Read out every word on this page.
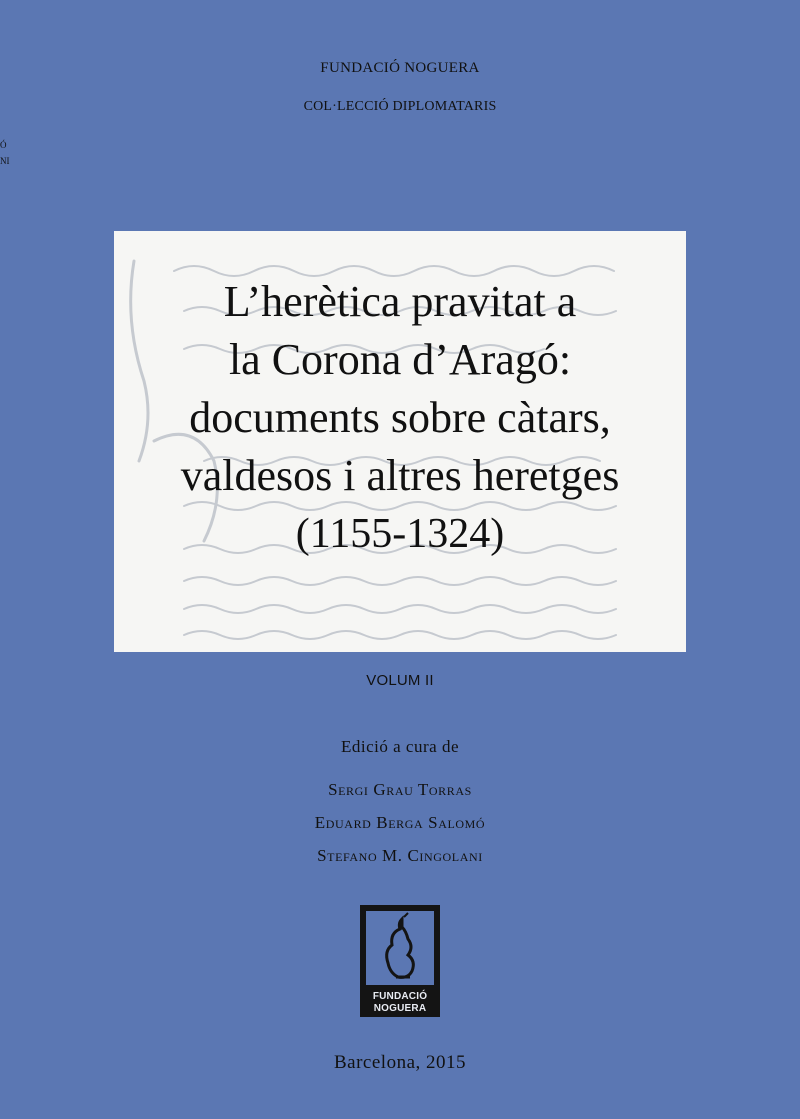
FUNDACIÓ NOGUERA
COL·LECCIÓ DIPLOMATARIS
Ó
NI
L’herètica pravitat a
la Corona d’Aragó:
documents sobre càtars,
valdesos i altres heretges
(1155-1324)
VOLUM II
Edició a cura de
Sergi Grau Torras
Eduard Berga Salomó
Stefano M. Cingolani
FUNDACIÓ
NOGUERA
Barcelona, 2015
